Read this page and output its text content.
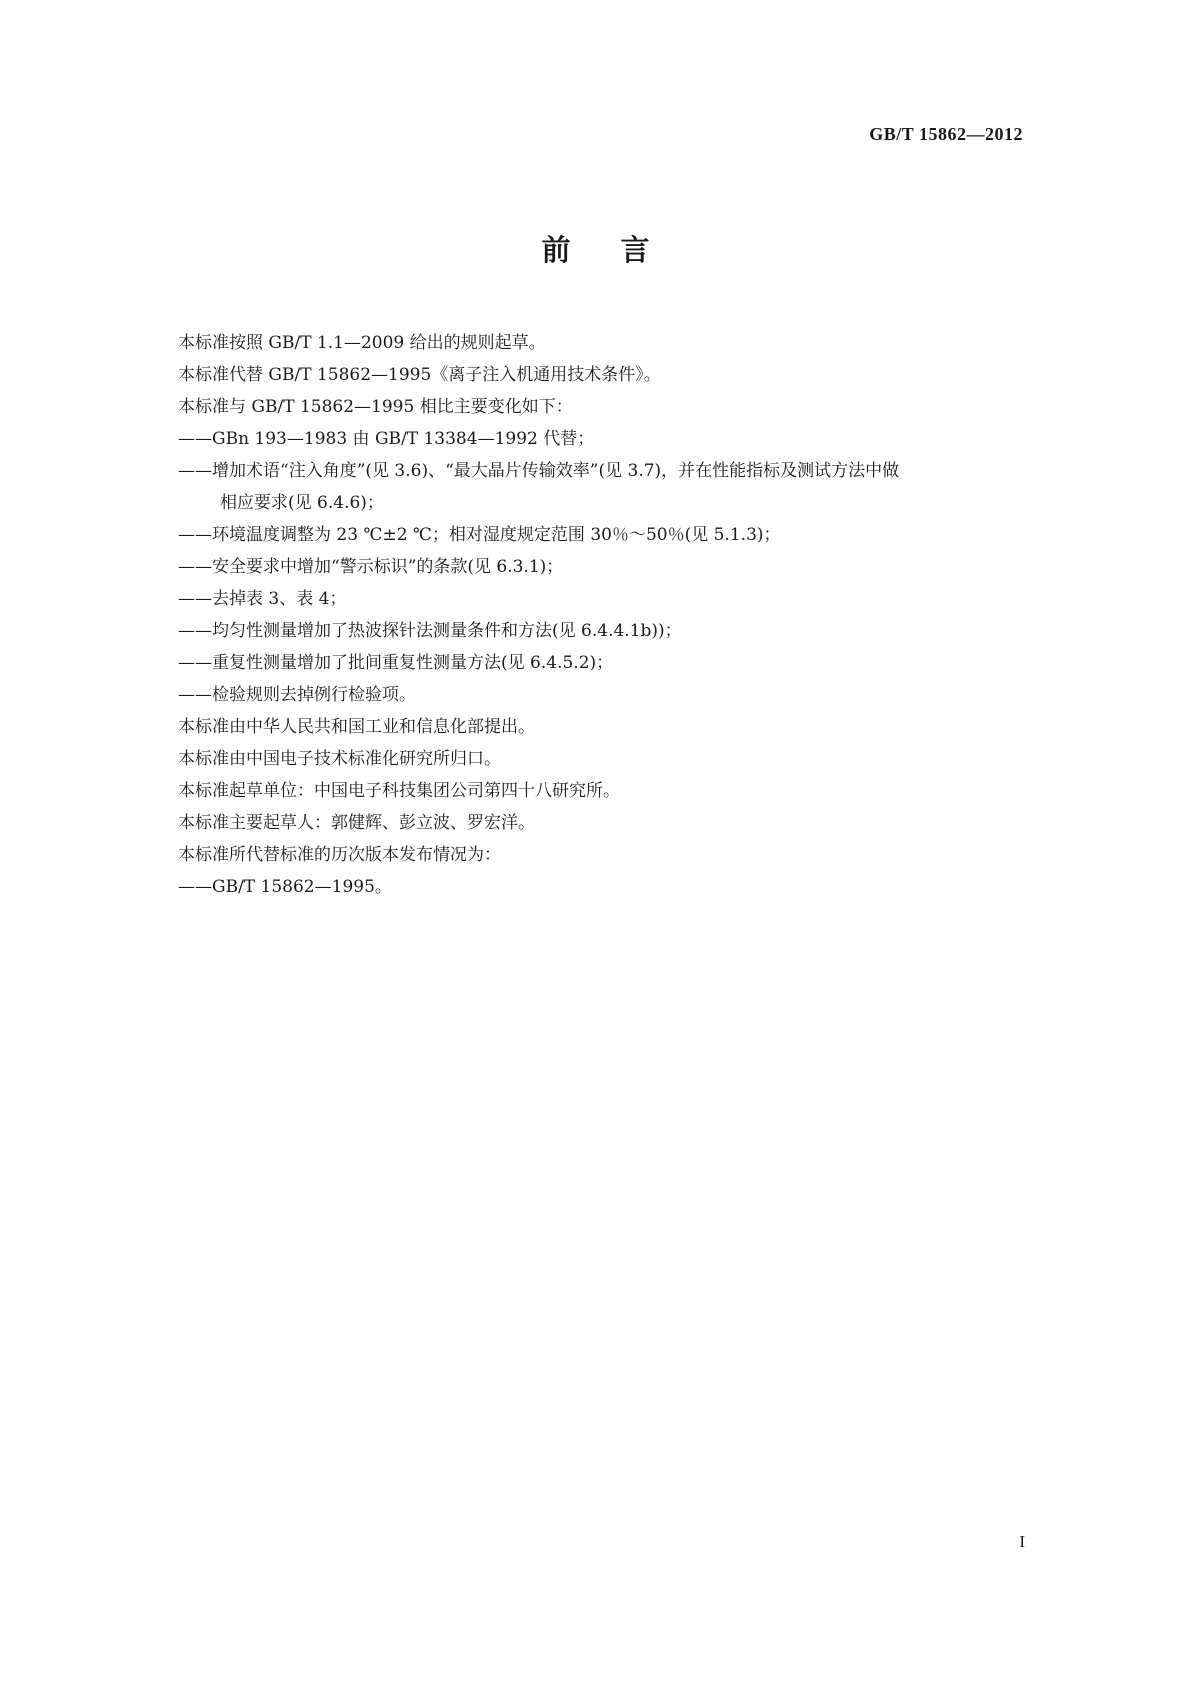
GB/T 15862—2012
前言
本标准按照 GB/T 1.1—2009 给出的规则起草。
本标准代替 GB/T 15862—1995《离子注入机通用技术条件》。
本标准与 GB/T 15862—1995 相比主要变化如下：
——GBn 193—1983 由 GB/T 13384—1992 代替；
——增加术语“注入角度”(见 3.6)、“最大晶片传输效率”(见 3.7)，并在性能指标及测试方法中做
相应要求(见 6.4.6)；
——环境温度调整为 23 ℃±2 ℃；相对湿度规定范围 30％～50％(见 5.1.3)；
——安全要求中增加“警示标识”的条款(见 6.3.1)；
——去掉表 3、表 4；
——均匀性测量增加了热波探针法测量条件和方法(见 6.4.4.1b))；
——重复性测量增加了批间重复性测量方法(见 6.4.5.2)；
——检验规则去掉例行检验项。
本标准由中华人民共和国工业和信息化部提出。
本标准由中国电子技术标准化研究所归口。
本标准起草单位：中国电子科技集团公司第四十八研究所。
本标准主要起草人：郭健辉、彭立波、罗宏洋。
本标准所代替标准的历次版本发布情况为：
——GB/T 15862—1995。
I
